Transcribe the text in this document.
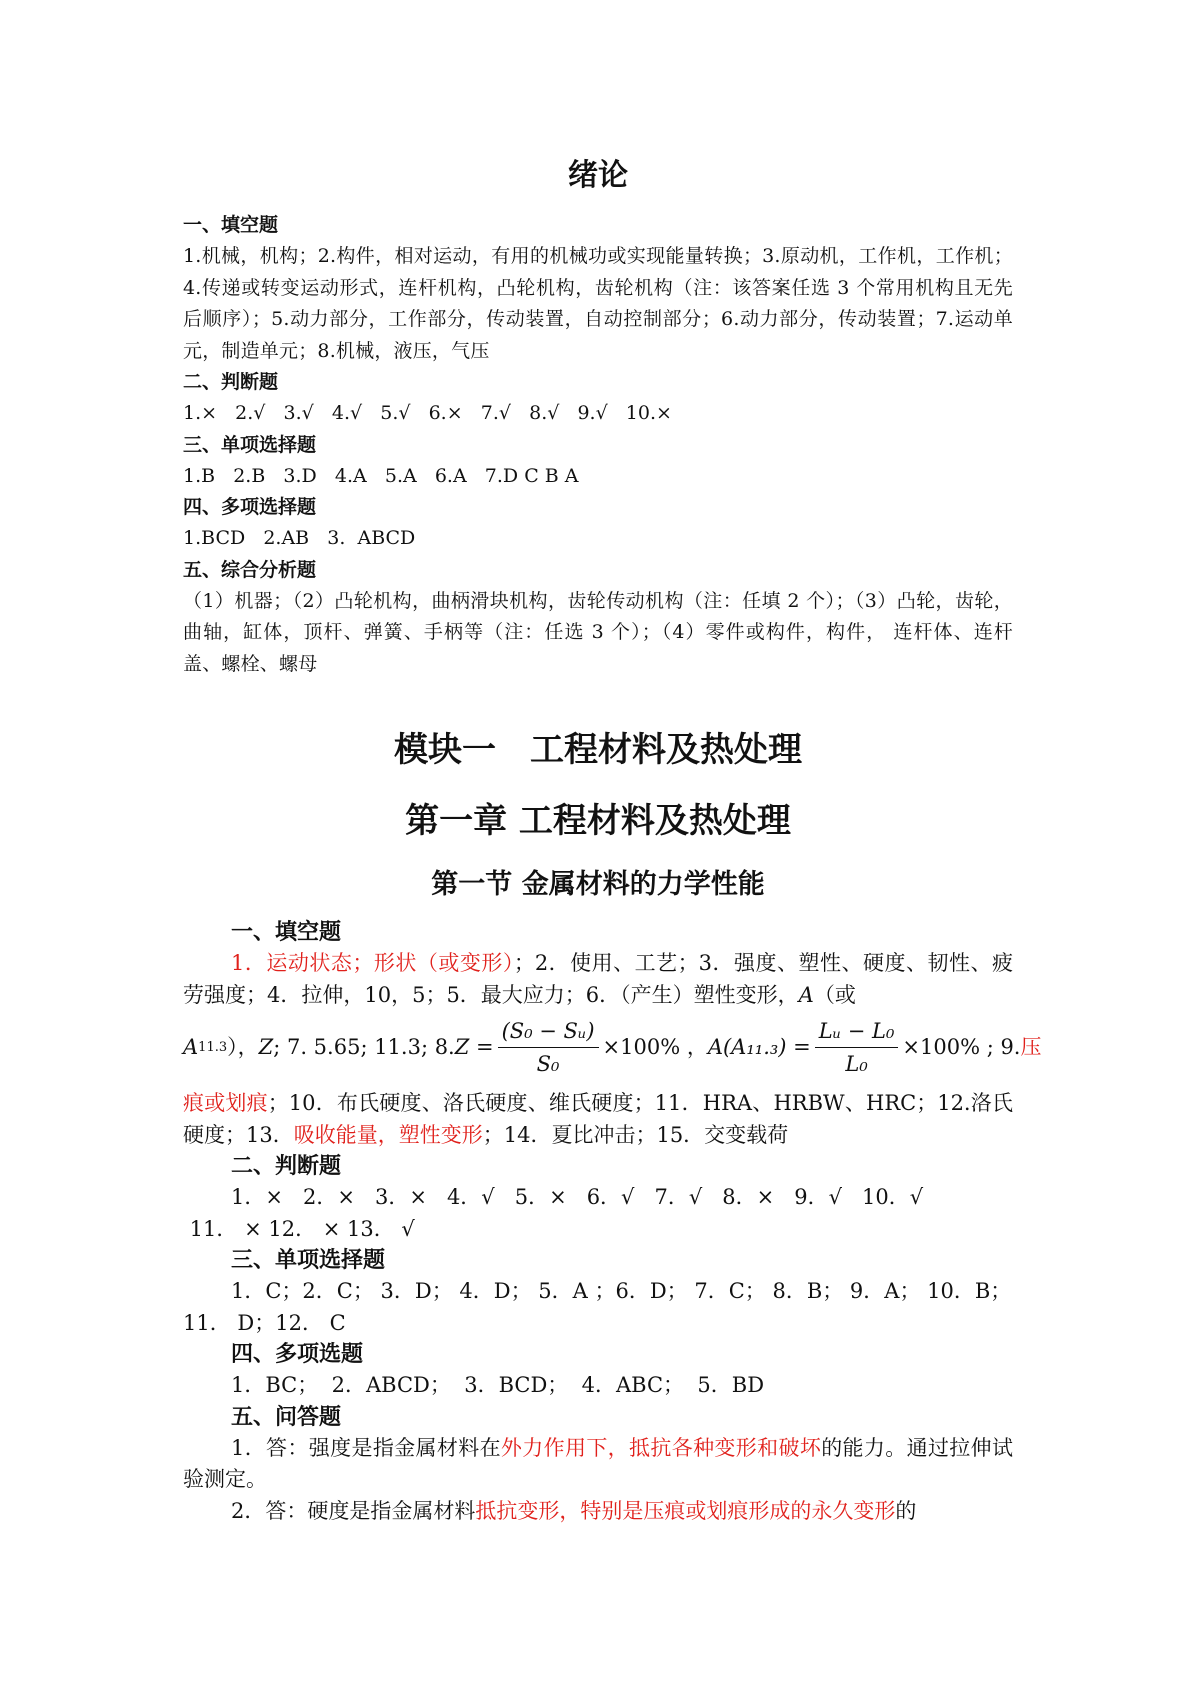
绪论

一、填空题

1.机械，机构；2.构件，相对运动，有用的机械功或实现能量转换；3.原动机，工作机，工作机；4.传递或转变运动形式，连杆机构，凸轮机构，齿轮机构（注：该答案任选 3 个常用机构且无先后顺序）；5.动力部分，工作部分，传动装置，自动控制部分；6.动力部分，传动装置；7.运动单元，制造单元；8.机械，液压，气压

二、判断题

1.×   2.√   3.√   4.√   5.√   6.×   7.√   8.√   9.√   10.×

三、单项选择题

1.B   2.B   3.D   4.A   5.A   6.A   7.D C B A

四、多项选择题

1.BCD   2.AB   3.  ABCD

五、综合分析题

（1）机器；（2）凸轮机构，曲柄滑块机构，齿轮传动机构（注：任填 2 个）；（3）凸轮，齿轮，曲轴，缸体，顶杆、弹簧、手柄等（注：任选 3 个）；（4）零件或构件，构件， 连杆体、连杆盖、螺栓、螺母

模块一　工程材料及热处理
第一章 工程材料及热处理
第一节 金属材料的力学性能

一、填空题

1．运动状态；形状（或变形）；2．使用、工艺；3．强度、塑性、硬度、韧性、疲劳强度；4．拉伸，10，5；5．最大应力；6．（产生）塑性变形，A（或

A 11.3 ）， Z ; 7. 5.65; 11.3; 8. $Z = \frac{\text{(S₀ − Sᵤ)}}{\text{S₀}} \times 100\%$ ， $A(A_{11}._3) = \frac{\text{Lᵤ − L₀}}{\text{L₀}} \times 100\%$ ; 9. 压

痕或划痕；10．布氏硬度、洛氏硬度、维氏硬度；11．HRA、HRBW、HRC；12.洛氏硬度；13．吸收能量，塑性变形；14．夏比冲击；15．交变载荷

二、判断题

1．×   2．×   3．×   4．√   5．×   6．√   7．√   8．×   9．√   10．√

11． × 12． × 13． √

三、单项选择题

1．C；2．C； 3．D； 4．D； 5．A ；6．D； 7．C； 8．B； 9．A； 10．B；

11． D；12． C

四、多项选题

1．BC；  2．ABCD；  3．BCD；  4．ABC；  5．BD

五、问答题

1．答：强度是指金属材料在外力作用下，抵抗各种变形和破坏的能力。通过拉伸试验测定。

2．答：硬度是指金属材料抵抗变形，特别是压痕或划痕形成的永久变形的
